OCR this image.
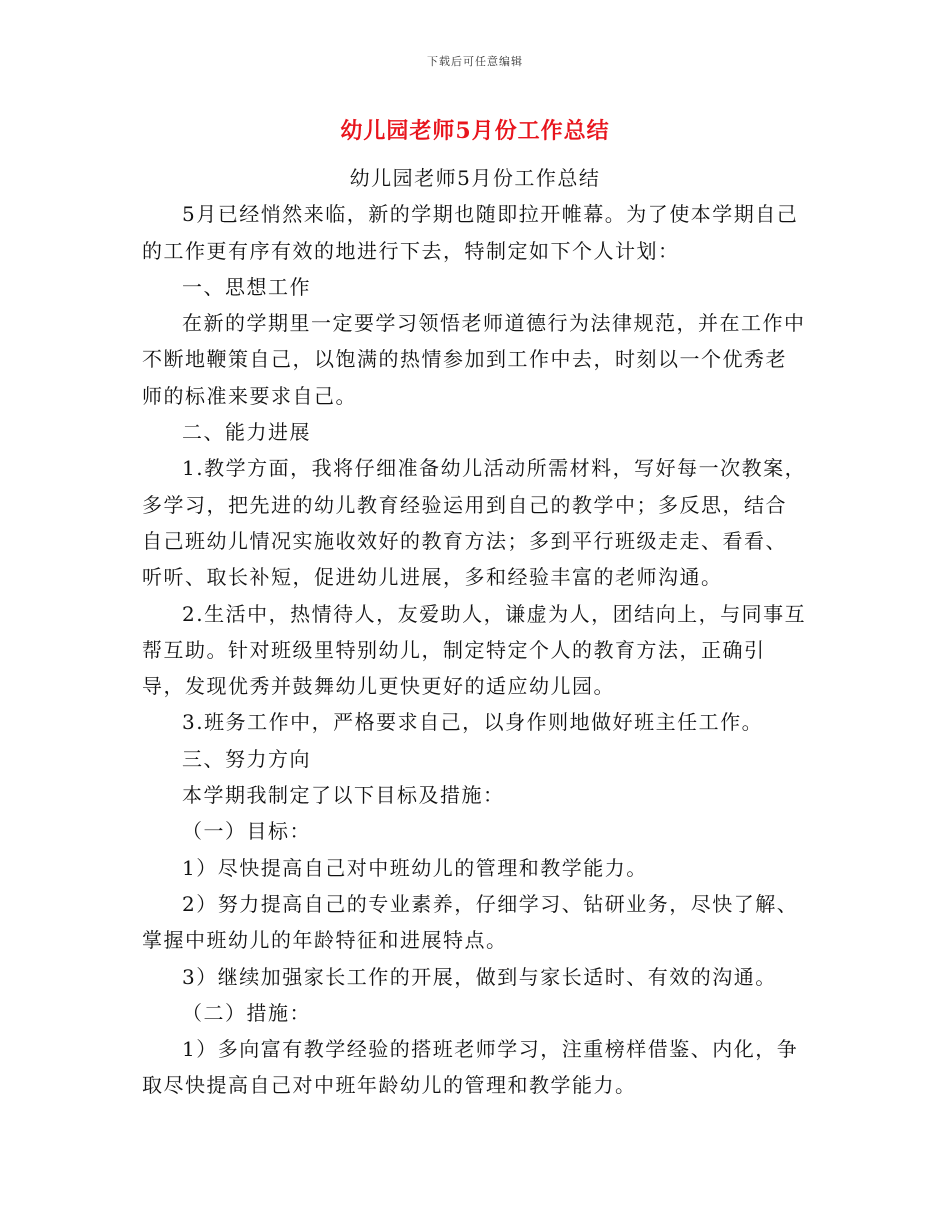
下载后可任意编辑
幼儿园老师5月份工作总结

幼儿园老师5月份工作总结

5月已经悄然来临，新的学期也随即拉开帷幕。为了使本学期自己的工作更有序有效的地进行下去，特制定如下个人计划：

一、思想工作

在新的学期里一定要学习领悟老师道德行为法律规范，并在工作中不断地鞭策自己，以饱满的热情参加到工作中去，时刻以一个优秀老师的标准来要求自己。

二、能力进展

1.教学方面，我将仔细准备幼儿活动所需材料，写好每一次教案，多学习，把先进的幼儿教育经验运用到自己的教学中；多反思，结合自己班幼儿情况实施收效好的教育方法；多到平行班级走走、看看、听听、取长补短，促进幼儿进展，多和经验丰富的老师沟通。

2.生活中，热情待人，友爱助人，谦虚为人，团结向上，与同事互帮互助。针对班级里特别幼儿，制定特定个人的教育方法，正确引导，发现优秀并鼓舞幼儿更快更好的适应幼儿园。

3.班务工作中，严格要求自己，以身作则地做好班主任工作。

三、努力方向

本学期我制定了以下目标及措施：

（一）目标：

1）尽快提高自己对中班幼儿的管理和教学能力。

2）努力提高自己的专业素养，仔细学习、钻研业务，尽快了解、掌握中班幼儿的年龄特征和进展特点。

3）继续加强家长工作的开展，做到与家长适时、有效的沟通。

（二）措施：

1）多向富有教学经验的搭班老师学习，注重榜样借鉴、内化，争取尽快提高自己对中班年龄幼儿的管理和教学能力。
